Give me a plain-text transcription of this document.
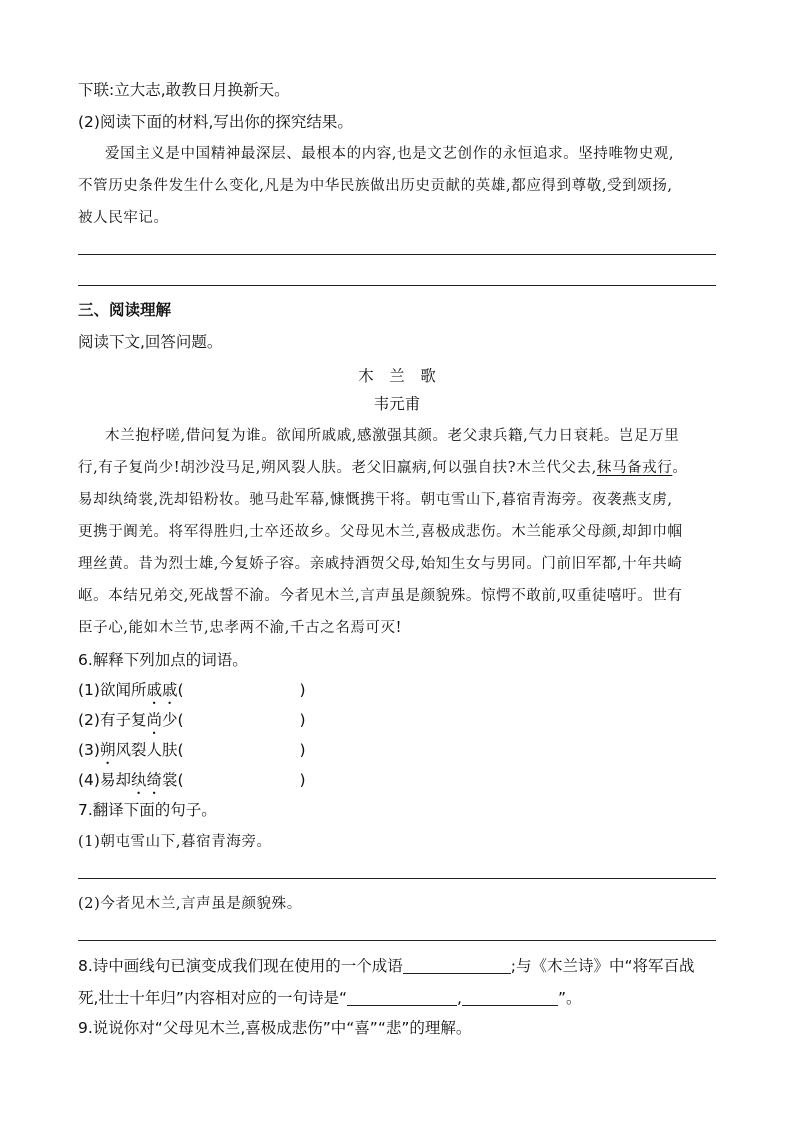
下联:立大志,敢教日月换新天。
(2)阅读下面的材料,写出你的探究结果。
爱国主义是中国精神最深层、最根本的内容,也是文艺创作的永恒追求。坚持唯物史观,
不管历史条件发生什么变化,凡是为中华民族做出历史贡献的英雄,都应得到尊敬,受到颂扬,
被人民牢记。
三、阅读理解
阅读下文,回答问题。
木　兰　歌
韦元甫
木兰抱杼嗟,借问复为谁。欲闻所戚戚,感激强其颜。老父隶兵籍,气力日衰耗。岂足万里
行,有子复尚少!胡沙没马足,朔风裂人肤。老父旧羸病,何以强自扶?木兰代父去,秣马备戎行。
易却纨绮裳,洗却铅粉妆。驰马赴军幕,慷慨携干将。朝屯雪山下,暮宿青海旁。夜袭燕支虏,
更携于阗羌。将军得胜归,士卒还故乡。父母见木兰,喜极成悲伤。木兰能承父母颜,却卸巾帼
理丝黄。昔为烈士雄,今复娇子容。亲戚持酒贺父母,始知生女与男同。门前旧军都,十年共崎
岖。本结兄弟交,死战誓不渝。今者见木兰,言声虽是颜貌殊。惊愕不敢前,叹重徒嘻吁。世有
臣子心,能如木兰节,忠孝两不渝,千古之名焉可灭!
6.解释下列加点的词语。
(1)欲闻所戚戚(	)
(2)有子复尚少(	)
(3)朔风裂人肤(	)
(4)易却纨绮裳(	)
7.翻译下面的句子。
(1)朝屯雪山下,暮宿青海旁。
(2)今者见木兰,言声虽是颜貌殊。
8.诗中画线句已演变成我们现在使用的一个成语	;与《木兰诗》中“将军百战
死,壮士十年归”内容相对应的一句诗是“	,	”。
9.说说你对“父母见木兰,喜极成悲伤”中“喜”“悲”的理解。
